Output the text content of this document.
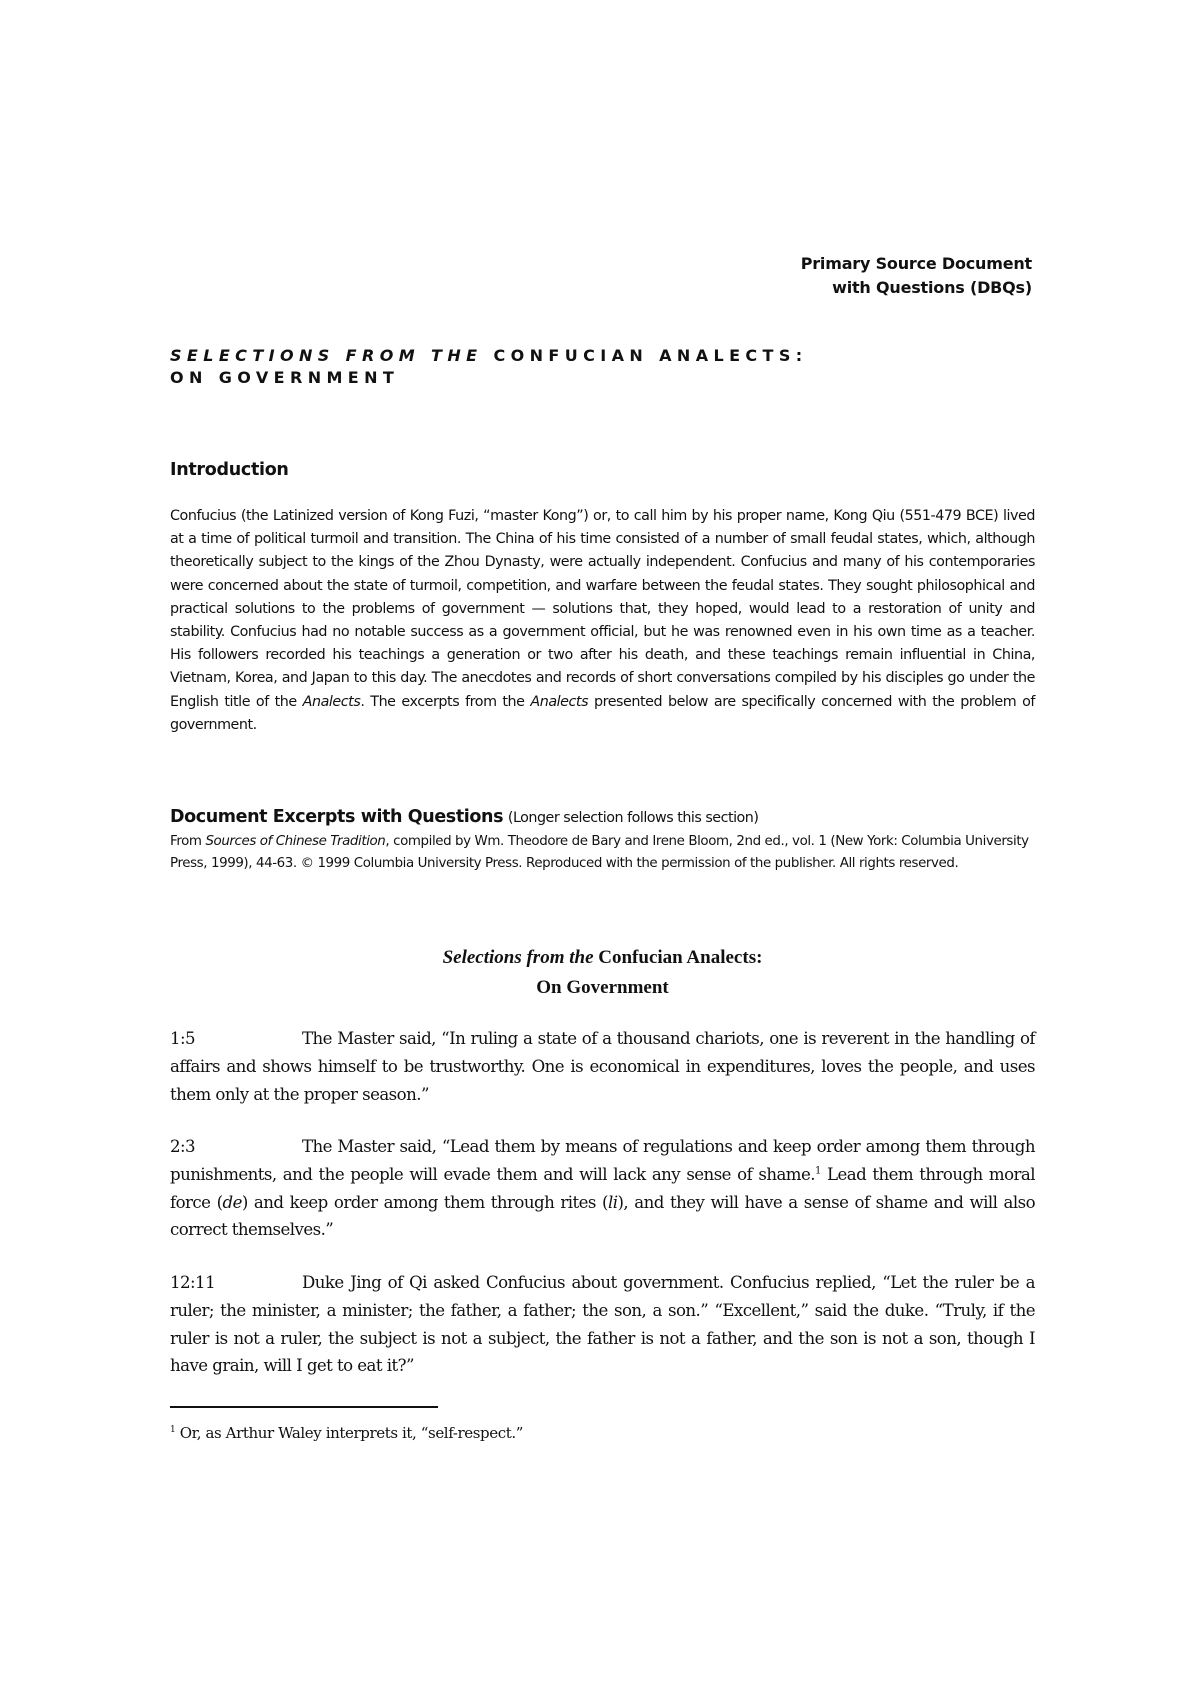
Primary Source Document
with Questions (DBQs)
SELECTIONS FROM THE CONFUCIAN ANALECTS:
ON GOVERNMENT
Introduction
Confucius (the Latinized version of Kong Fuzi, “master Kong”) or, to call him by his proper name, Kong Qiu (551-479 BCE) lived at a time of political turmoil and transition. The China of his time consisted of a number of small feudal states, which, although theoretically subject to the kings of the Zhou Dynasty, were actually independent. Confucius and many of his contemporaries were concerned about the state of turmoil, competition, and warfare between the feudal states. They sought philosophical and practical solutions to the problems of government — solutions that, they hoped, would lead to a restoration of unity and stability. Confucius had no notable success as a government official, but he was renowned even in his own time as a teacher. His followers recorded his teachings a generation or two after his death, and these teachings remain influential in China, Vietnam, Korea, and Japan to this day. The anecdotes and records of short conversations compiled by his disciples go under the English title of the Analects. The excerpts from the Analects presented below are specifically concerned with the problem of government.
Document Excerpts with Questions (Longer selection follows this section)
From Sources of Chinese Tradition, compiled by Wm. Theodore de Bary and Irene Bloom, 2nd ed., vol. 1 (New York: Columbia University Press, 1999), 44-63. © 1999 Columbia University Press. Reproduced with the permission of the publisher. All rights reserved.
Selections from the Confucian Analects:
On Government
1:5	The Master said, “In ruling a state of a thousand chariots, one is reverent in the handling of affairs and shows himself to be trustworthy. One is economical in expenditures, loves the people, and uses them only at the proper season.”
2:3	The Master said, “Lead them by means of regulations and keep order among them through punishments, and the people will evade them and will lack any sense of shame.$^1$ Lead them through moral force (de) and keep order among them through rites (li), and they will have a sense of shame and will also correct themselves.”
12:11	Duke Jing of Qi asked Confucius about government. Confucius replied, “Let the ruler be a ruler; the minister, a minister; the father, a father; the son, a son.” “Excellent,” said the duke. “Truly, if the ruler is not a ruler, the subject is not a subject, the father is not a father, and the son is not a son, though I have grain, will I get to eat it?”
$^1$ Or, as Arthur Waley interprets it, “self-respect.”
